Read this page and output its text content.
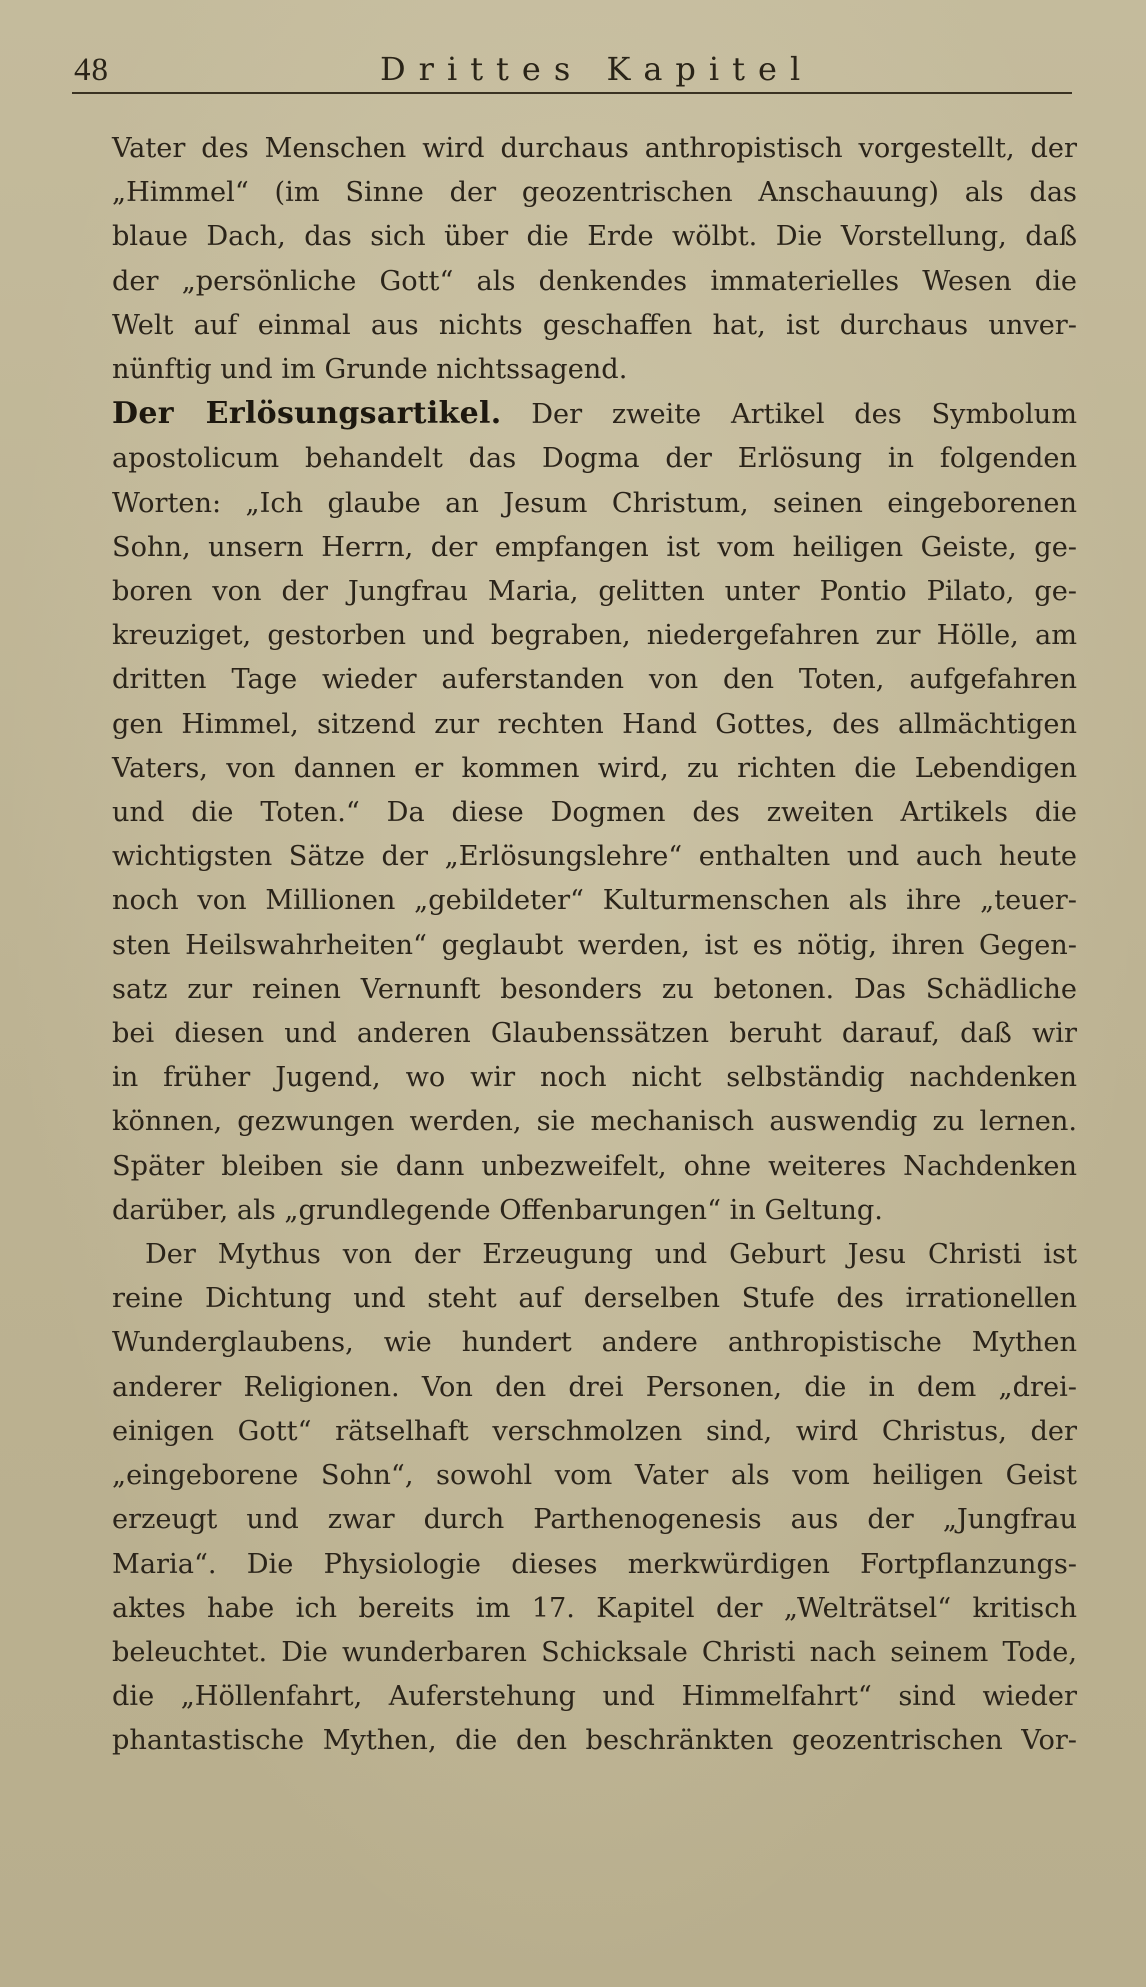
48	Drittes Kapitel

Vater des Menschen wird durchaus anthropistisch vorgestellt, der
„Himmel“ (im Sinne der geozentrischen Anschauung) als das
blaue Dach, das sich über die Erde wölbt. Die Vorstellung, daß
der „persönliche Gott“ als denkendes immaterielles Wesen die
Welt auf einmal aus nichts geschaffen hat, ist durchaus unver-
nünftig und im Grunde nichtssagend.

Der Erlösungsartikel. Der zweite Artikel des Symbolum
apostolicum behandelt das Dogma der Erlösung in folgenden
Worten: „Ich glaube an Jesum Christum, seinen eingeborenen
Sohn, unsern Herrn, der empfangen ist vom heiligen Geiste, ge-
boren von der Jungfrau Maria, gelitten unter Pontio Pilato, ge-
kreuziget, gestorben und begraben, niedergefahren zur Hölle, am
dritten Tage wieder auferstanden von den Toten, aufgefahren
gen Himmel, sitzend zur rechten Hand Gottes, des allmächtigen
Vaters, von dannen er kommen wird, zu richten die Lebendigen
und die Toten.“ Da diese Dogmen des zweiten Artikels die
wichtigsten Sätze der „Erlösungslehre“ enthalten und auch heute
noch von Millionen „gebildeter“ Kulturmenschen als ihre „teuer-
sten Heilswahrheiten“ geglaubt werden, ist es nötig, ihren Gegen-
satz zur reinen Vernunft besonders zu betonen. Das Schädliche
bei diesen und anderen Glaubenssätzen beruht darauf, daß wir
in früher Jugend, wo wir noch nicht selbständig nachdenken
können, gezwungen werden, sie mechanisch auswendig zu lernen.
Später bleiben sie dann unbezweifelt, ohne weiteres Nachdenken
darüber, als „grundlegende Offenbarungen“ in Geltung.

Der Mythus von der Erzeugung und Geburt Jesu Christi ist
reine Dichtung und steht auf derselben Stufe des irrationellen
Wunderglaubens, wie hundert andere anthropistische Mythen
anderer Religionen. Von den drei Personen, die in dem „drei-
einigen Gott“ rätselhaft verschmolzen sind, wird Christus, der
„eingeborene Sohn“, sowohl vom Vater als vom heiligen Geist
erzeugt und zwar durch Parthenogenesis aus der „Jungfrau
Maria“. Die Physiologie dieses merkwürdigen Fortpflanzungs-
aktes habe ich bereits im 17. Kapitel der „Welträtsel“ kritisch
beleuchtet. Die wunderbaren Schicksale Christi nach seinem Tode,
die „Höllenfahrt, Auferstehung und Himmelfahrt“ sind wieder
phantastische Mythen, die den beschränkten geozentrischen Vor-
